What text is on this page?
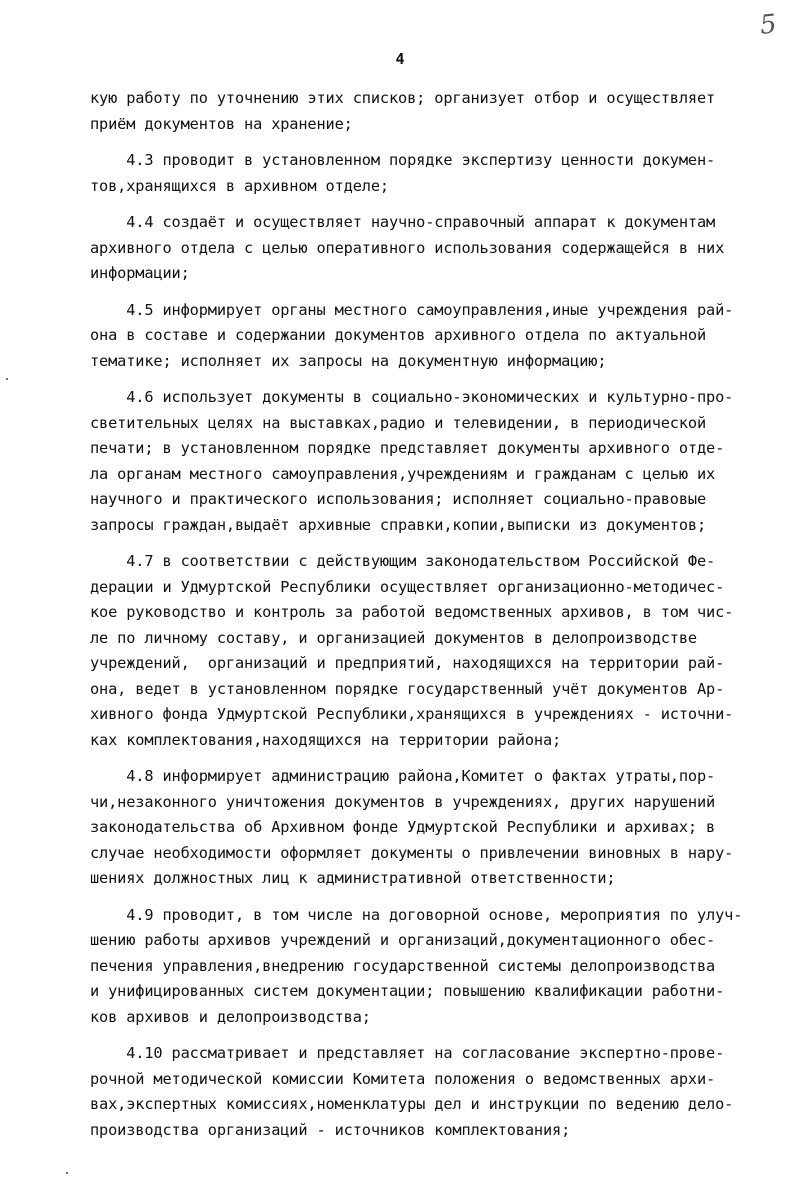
5
4
кую работу по уточнению этих списков; организует отбор и осуществляет
приём документов на хранение;
4.3 проводит в установленном порядке экспертизу ценности докумен-
тов,хранящихся в архивном отделе;
4.4 создаёт и осуществляет научно-справочный аппарат к документам
архивного отдела с целью оперативного использования содержащейся в них
информации;
4.5 информирует органы местного самоуправления,иные учреждения рай-
она в составе и содержании документов архивного отдела по актуальной
тематике; исполняет их запросы на документную информацию;
4.6 использует документы в социально-экономических и культурно-про-
светительных целях на выставках,радио и телевидении, в периодической
печати; в установленном порядке представляет документы архивного отде-
ла органам местного самоуправления,учреждениям и гражданам с целью их
научного и практического использования; исполняет социально-правовые
запросы граждан,выдаёт архивные справки,копии,выписки из документов;
4.7 в соответствии с действующим законодательством Российской Фе-
дерации и Удмуртской Республики осуществляет организационно-методичес-
кое руководство и контроль за работой ведомственных архивов, в том чис-
ле по личному составу, и организацией документов в делопроизводстве
учреждений,  организаций и предприятий, находящихся на территории рай-
она, ведет в установленном порядке государственный учёт документов Ар-
хивного фонда Удмуртской Республики,хранящихся в учреждениях - источни-
ках комплектования,находящихся на территории района;
4.8 информирует администрацию района,Комитет о фактах утраты,пор-
чи,незаконного уничтожения документов в учреждениях, других нарушений
законодательства об Архивном фонде Удмуртской Республики и архивах; в
случае необходимости оформляет документы о привлечении виновных в нару-
шениях должностных лиц к административной ответственности;
4.9 проводит, в том числе на договорной основе, мероприятия по улуч-
шению работы архивов учреждений и организаций,документационного обес-
печения управления,внедрению государственной системы делопроизводства
и унифицированных систем документации; повышению квалификации работни-
ков архивов и делопроизводства;
4.10 рассматривает и представляет на согласование экспертно-прове-
рочной методической комиссии Комитета положения о ведомственных архи-
вах,экспертных комиссиях,номенклатуры дел и инструкции по ведению дело-
производства организаций - источников комплектования;
